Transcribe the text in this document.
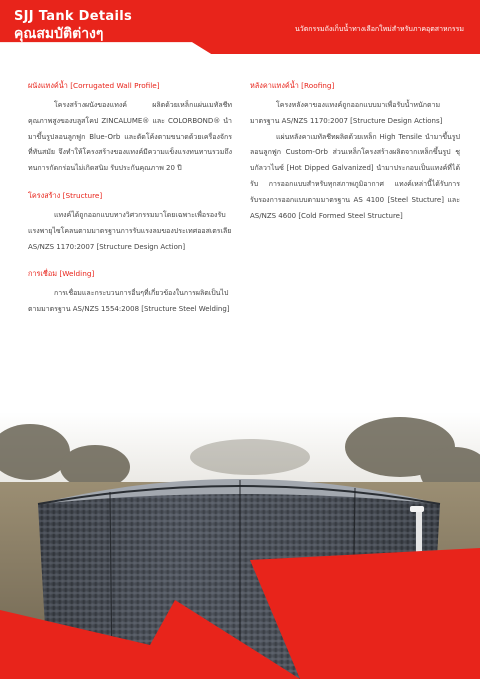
SJJ Tank Details
คุณสมบัติต่างๆ	นวัตกรรมถังเก็บน้ำทางเลือกใหม่สำหรับภาคอุตสาหกรรม
ผนังแทงค์น้ำ [Corrugated Wall Profile]

โครงสร้างผนังของแทงค์ ผลิตด้วยเหล็กแผ่นเมทัลชีท คุณภาพสูงของบลูสโคป ZINCALUME® และ COLORBOND® นำมาขึ้นรูปลอนลูกฟูก Blue-Orb และตัดโค้งตามขนาดด้วยเครื่องจักรที่ทันสมัย จึงทำให้โครงสร้างของแทงค์มีความแข็งแรงทนทานรวมถึงทนการกัดกร่อนไม่เกิดสนิม รับประกันคุณภาพ 20 ปี

โครงสร้าง [Structure]

แทงค์ได้ถูกออกแบบทางวิศวกรรมมาโดยเฉพาะเพื่อรองรับแรงพายุไซโคลนตามมาตรฐานการรับแรงลมของประเทศออสเตรเลีย AS/NZS 1170:2007 [Structure Design Action]

การเชื่อม [Welding]

การเชื่อมและกระบวนการอื่นๆที่เกี่ยวข้องในการผลิตเป็นไปตามมาตรฐาน AS/NZS 1554:2008 [Structure Steel Welding]

หลังคาแทงค์น้ำ [Roofing]

โครงหลังคาของแทงค์ถูกออกแบบมาเพื่อรับน้ำหนักตามมาตรฐาน AS/NZS 1170:2007 [Structure Design Actions]

แผ่นหลังคาเมทัลชีทผลิตด้วยเหล็ก High Tensile นำมาขึ้นรูปลอนลูกฟูก Custom-Orb ส่วนเหล็กโครงสร้างผลิตจากเหล็กขึ้นรูป ชุบกัลวาไนซ์ [Hot Dipped Galvanized] นำมาประกอบเป็นแทงค์ที่ได้รับ การออกแบบสำหรับทุกสภาพภูมิอากาศ แทงค์เหล่านี้ได้รับการรับรองการออกแบบตามมาตรฐาน AS 4100 [Steel Stucture] และ AS/NZS 4600 [Cold Formed Steel Structure]
